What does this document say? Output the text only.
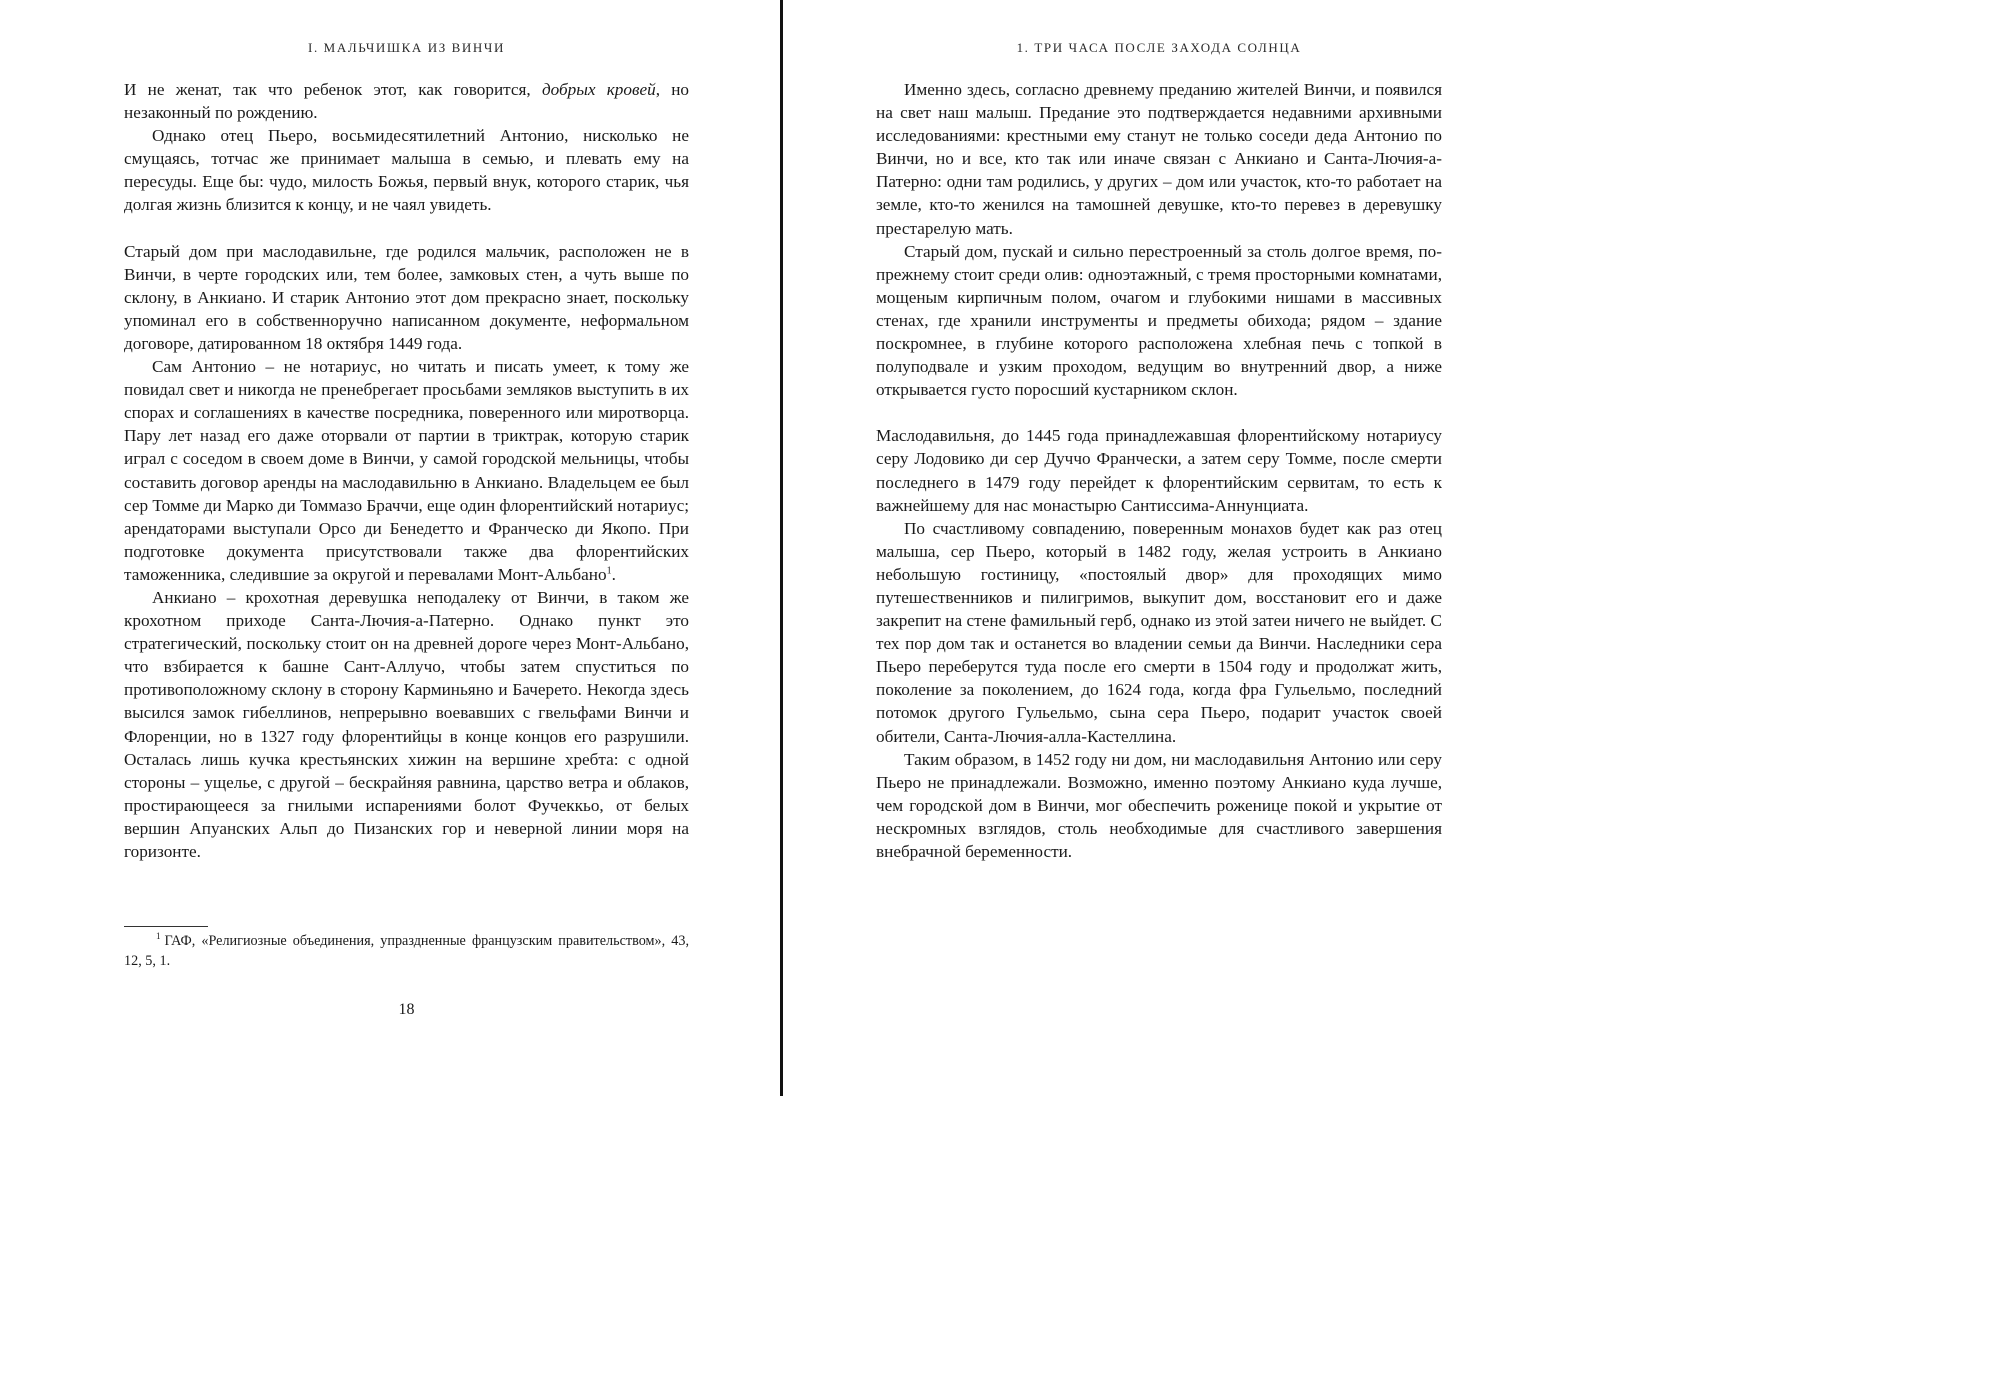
I. МАЛЬЧИШКА ИЗ ВИНЧИ

И не женат, так что ребенок этот, как говорится, добрых кровей, но незаконный по рождению.

Однако отец Пьеро, восьмидесятилетний Антонио, нисколько не смущаясь, тотчас же принимает малыша в семью, и плевать ему на пересуды. Еще бы: чудо, милость Божья, первый внук, которого старик, чья долгая жизнь близится к концу, и не чаял увидеть.

Старый дом при маслодавильне, где родился мальчик, расположен не в Винчи, в черте городских или, тем более, замковых стен, а чуть выше по склону, в Анкиано. И старик Антонио этот дом прекрасно знает, поскольку упоминал его в собственноручно написанном документе, неформальном договоре, датированном 18 октября 1449 года.

Сам Антонио – не нотариус, но читать и писать умеет, к тому же повидал свет и никогда не пренебрегает просьбами земляков выступить в их спорах и соглашениях в качестве посредника, поверенного или миротворца. Пару лет назад его даже оторвали от партии в триктрак, которую старик играл с соседом в своем доме в Винчи, у самой городской мельницы, чтобы составить договор аренды на маслодавильню в Анкиано. Владельцем ее был сер Томме ди Марко ди Томмазо Браччи, еще один флорентийский нотариус; арендаторами выступали Орсо ди Бенедетто и Франческо ди Якопо. При подготовке документа присутствовали также два флорентийских таможенника, следившие за округой и перевалами Монт-Альбано$^1$.

Анкиано – крохотная деревушка неподалеку от Винчи, в таком же крохотном приходе Санта-Лючия-а-Патерно. Однако пункт это стратегический, поскольку стоит он на древней дороге через Монт-Альбано, что взбирается к башне Сант-Аллучо, чтобы затем спуститься по противоположному склону в сторону Карминьяно и Бачерето. Некогда здесь высился замок гибеллинов, непрерывно воевавших с гвельфами Винчи и Флоренции, но в 1327 году флорентийцы в конце концов его разрушили. Осталась лишь кучка крестьянских хижин на вершине хребта: с одной стороны – ущелье, с другой – бескрайняя равнина, царство ветра и облаков, простирающееся за гнилыми испарениями болот Фучеккьо, от белых вершин Апуанских Альп до Пизанских гор и неверной линии моря на горизонте.

$^1$ ГАФ, «Религиозные объединения, упраздненные французским правительством», 43, 12, 5, 1.

18

1. ТРИ ЧАСА ПОСЛЕ ЗАХОДА СОЛНЦА

Именно здесь, согласно древнему преданию жителей Винчи, и появился на свет наш малыш. Предание это подтверждается недавними архивными исследованиями: крестными ему станут не только соседи деда Антонио по Винчи, но и все, кто так или иначе связан с Анкиано и Санта-Лючия-а-Патерно: одни там родились, у других – дом или участок, кто-то работает на земле, кто-то женился на тамошней девушке, кто-то перевез в деревушку престарелую мать.

Старый дом, пускай и сильно перестроенный за столь долгое время, по-прежнему стоит среди олив: одноэтажный, с тремя просторными комнатами, мощеным кирпичным полом, очагом и глубокими нишами в массивных стенах, где хранили инструменты и предметы обихода; рядом – здание поскромнее, в глубине которого расположена хлебная печь с топкой в полуподвале и узким проходом, ведущим во внутренний двор, а ниже открывается густо поросший кустарником склон.

Маслодавильня, до 1445 года принадлежавшая флорентийскому нотариусу серу Лодовико ди сер Дуччо Франчески, а затем серу Томме, после смерти последнего в 1479 году перейдет к флорентийским сервитам, то есть к важнейшему для нас монастырю Сантиссима-Аннунциата.

По счастливому совпадению, поверенным монахов будет как раз отец малыша, сер Пьеро, который в 1482 году, желая устроить в Анкиано небольшую гостиницу, «постоялый двор» для проходящих мимо путешественников и пилигримов, выкупит дом, восстановит его и даже закрепит на стене фамильный герб, однако из этой затеи ничего не выйдет. С тех пор дом так и останется во владении семьи да Винчи. Наследники сера Пьеро переберутся туда после его смерти в 1504 году и продолжат жить, поколение за поколением, до 1624 года, когда фра Гульельмо, последний потомок другого Гульельмо, сына сера Пьеро, подарит участок своей обители, Санта-Лючия-алла-Кастеллина.

Таким образом, в 1452 году ни дом, ни маслодавильня Антонио или серу Пьеро не принадлежали. Возможно, именно поэтому Анкиано куда лучше, чем городской дом в Винчи, мог обеспечить роженице покой и укрытие от нескромных взглядов, столь необходимые для счастливого завершения внебрачной беременности.
